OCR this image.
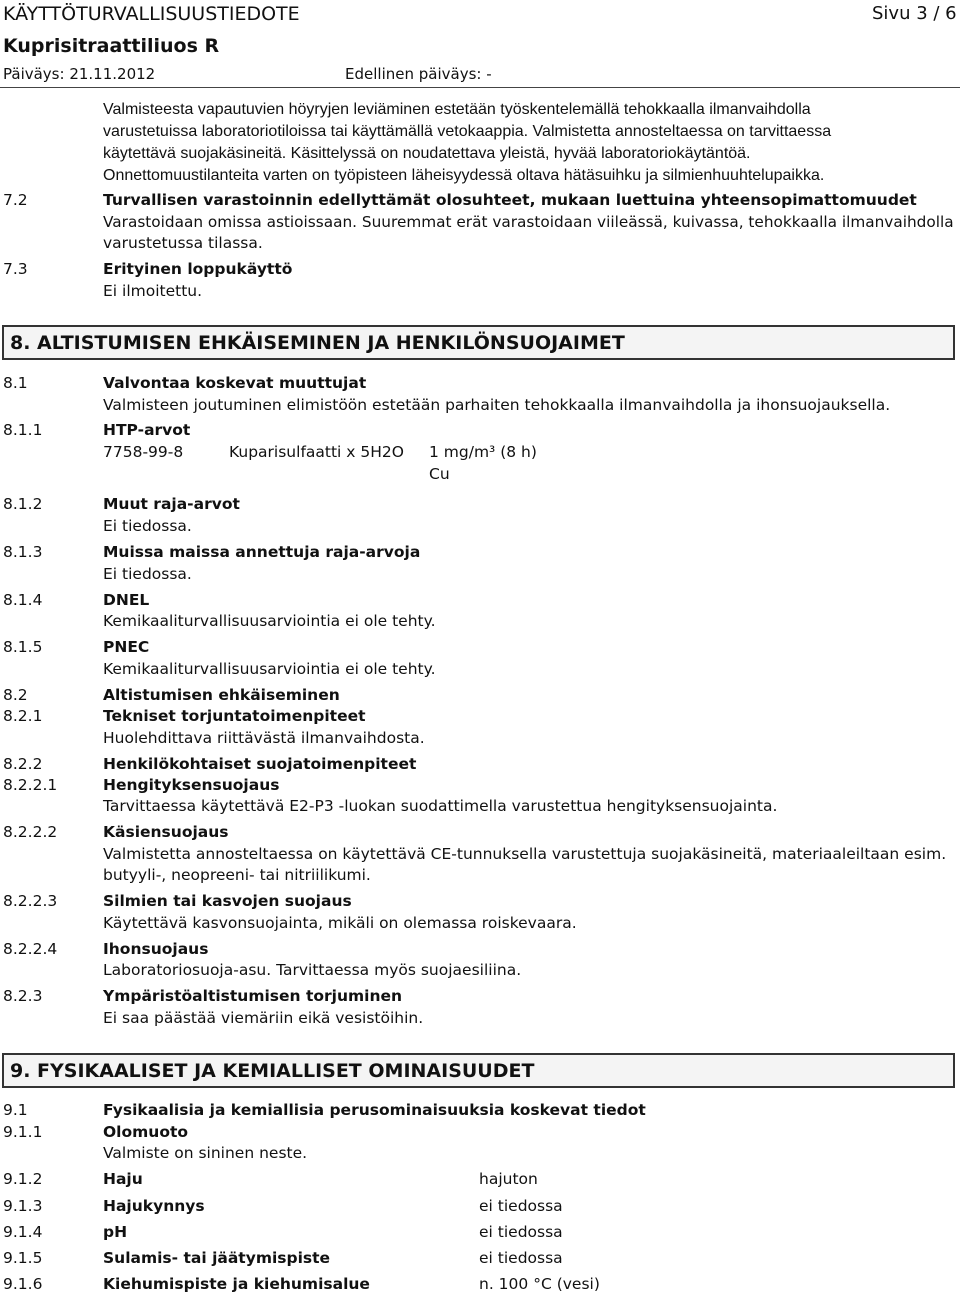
KÄYTTÖTURVALLISUUSTIEDOTE	Sivu 3 / 6
Kuprisitraattiliuos R
Päiväys: 21.11.2012	Edellinen päiväys: -
Valmisteesta vapautuvien höyryjen leviäminen estetään työskentelemällä tehokkaalla ilmanvaihdolla
varustetuissa laboratoriotiloissa tai käyttämällä vetokaappia. Valmistetta annosteltaessa on tarvittaessa
käytettävä suojakäsineitä. Käsittelyssä on noudatettava yleistä, hyvää laboratoriokäytäntöä.
Onnettomuustilanteita varten on työpisteen läheisyydessä oltava hätäsuihku ja silmienhuuhtelupaikka.
7.2	Turvallisen varastoinnin edellyttämät olosuhteet, mukaan luettuina yhteensopimattomuudet
Varastoidaan omissa astioissaan. Suuremmat erät varastoidaan viileässä, kuivassa, tehokkaalla ilmanvaihdolla
varustetussa tilassa.
7.3	Erityinen loppukäyttö
Ei ilmoitettu.
8. ALTISTUMISEN EHKÄISEMINEN JA HENKILÖNSUOJAIMET
8.1	Valvontaa koskevat muuttujat
Valmisteen joutuminen elimistöön estetään parhaiten tehokkaalla ilmanvaihdolla ja ihonsuojauksella.
8.1.1	HTP-arvot
7758-99-8	Kuparisulfaatti x 5H2O 1 mg/m³ (8 h)
Cu
8.1.2	Muut raja-arvot
Ei tiedossa.
8.1.3	Muissa maissa annettuja raja-arvoja
Ei tiedossa.
8.1.4	DNEL
Kemikaaliturvallisuusarviointia ei ole tehty.
8.1.5	PNEC
Kemikaaliturvallisuusarviointia ei ole tehty.
8.2	Altistumisen ehkäiseminen
8.2.1	Tekniset torjuntatoimenpiteet
Huolehdittava riittävästä ilmanvaihdosta.
8.2.2	Henkilökohtaiset suojatoimenpiteet
8.2.2.1	Hengityksensuojaus
Tarvittaessa käytettävä E2-P3 -luokan suodattimella varustettua hengityksensuojainta.
8.2.2.2	Käsiensuojaus
Valmistetta annosteltaessa on käytettävä CE-tunnuksella varustettuja suojakäsineitä, materiaaleiltaan esim.
butyyli-, neopreeni- tai nitriilikumi.
8.2.2.3	Silmien tai kasvojen suojaus
Käytettävä kasvonsuojainta, mikäli on olemassa roiskevaara.
8.2.2.4	Ihonsuojaus
Laboratoriosuoja-asu. Tarvittaessa myös suojaesiliina.
8.2.3	Ympäristöaltistumisen torjuminen
Ei saa päästää viemäriin eikä vesistöihin.
9. FYSIKAALISET JA KEMIALLISET OMINAISUUDET
9.1	Fysikaalisia ja kemiallisia perusominaisuuksia koskevat tiedot
9.1.1	Olomuoto
Valmiste on sininen neste.
9.1.2	Haju	hajuton
9.1.3	Hajukynnys	ei tiedossa
9.1.4	pH	ei tiedossa
9.1.5	Sulamis- tai jäätymispiste	ei tiedossa
9.1.6	Kiehumispiste ja kiehumisalue	n. 100 °C (vesi)
